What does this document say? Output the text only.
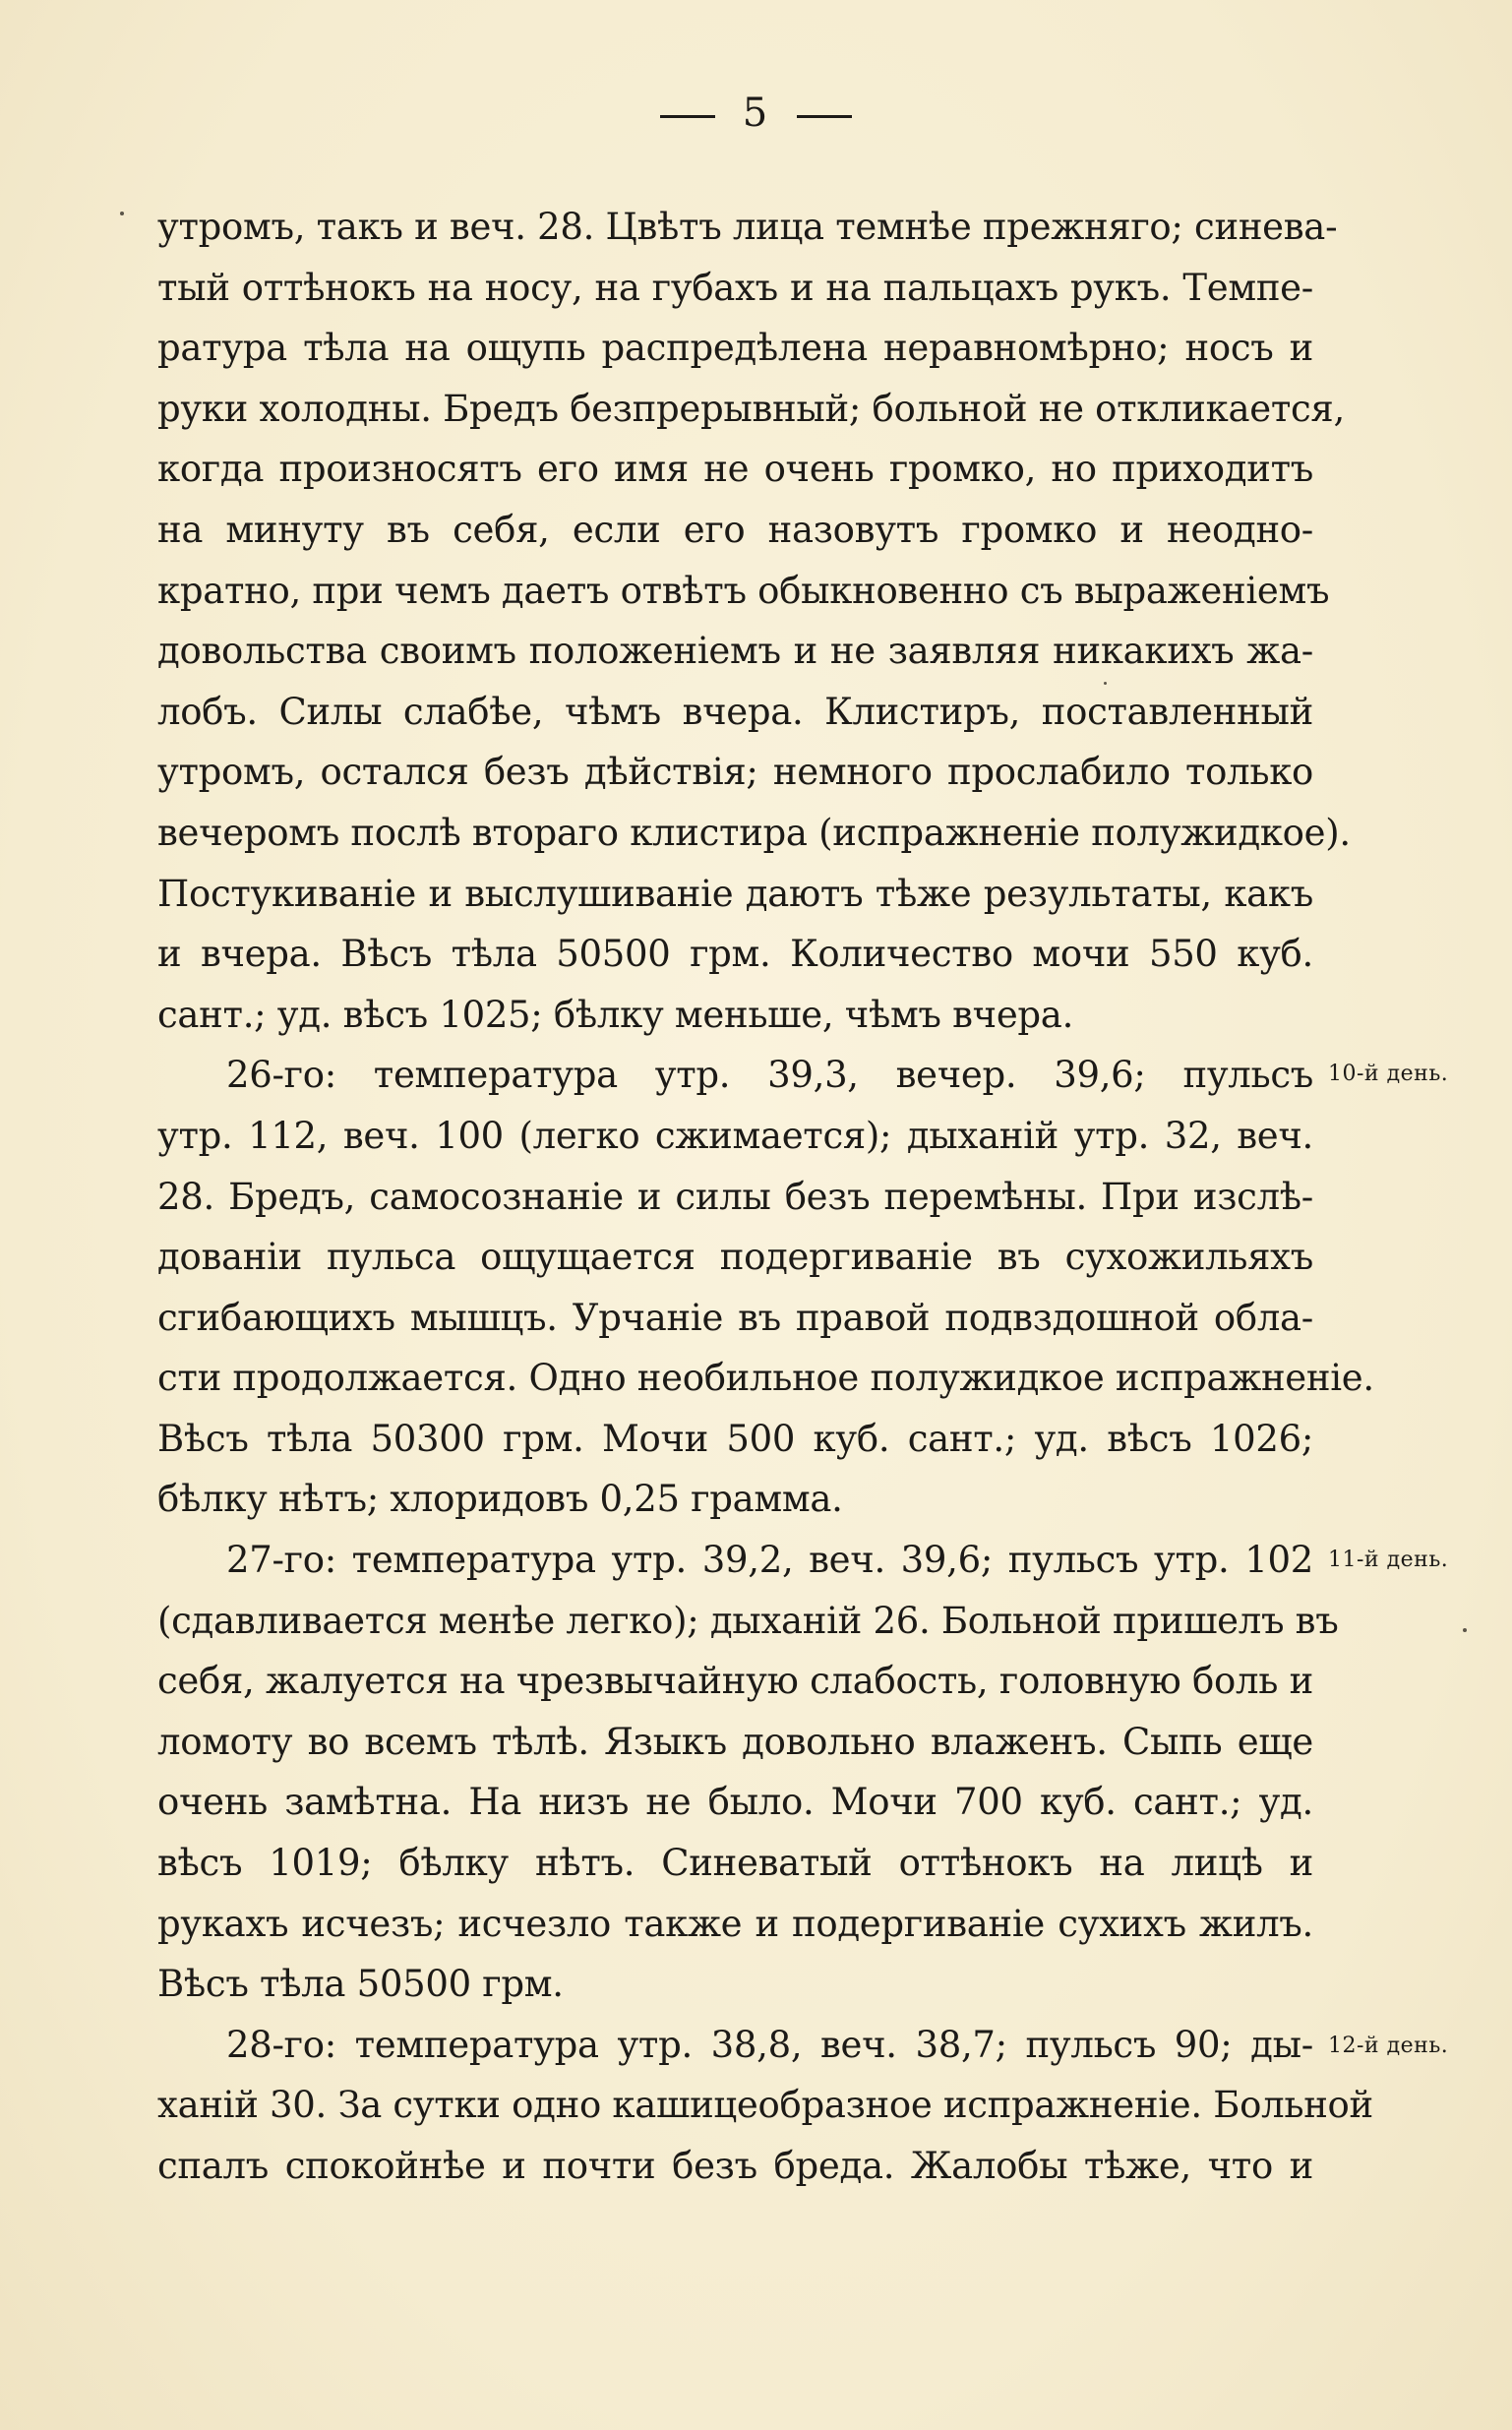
5
утромъ, такъ и веч. 28. Цвѣтъ лица темнѣе прежняго; синева-
тый оттѣнокъ на носу, на губахъ и на пальцахъ рукъ. Темпе-
ратура тѣла на ощупь распредѣлена неравномѣрно; носъ и
руки холодны. Бредъ безпрерывный; больной не откликается,
когда произносятъ его имя не очень громко, но приходитъ
на минуту въ себя, если его назовутъ громко и неодно-
кратно, при чемъ даетъ отвѣтъ обыкновенно съ выраженіемъ
довольства своимъ положеніемъ и не заявляя никакихъ жа-
лобъ. Силы слабѣе, чѣмъ вчера. Клистиръ, поставленный
утромъ, остался безъ дѣйствія; немного прослабило только
вечеромъ послѣ втораго клистира (испражненіе полужидкое).
Постукиваніе и выслушиваніе даютъ тѣже результаты, какъ
и вчера. Вѣсъ тѣла 50500 грм. Количество мочи 550 куб.
сант.; уд. вѣсъ 1025; бѣлку меньше, чѣмъ вчера.
26-го: температура утр. 39,3, вечер. 39,6; пульсъ
утр. 112, веч. 100 (легко сжимается); дыханій утр. 32, веч.
28. Бредъ, самосознаніе и силы безъ перемѣны. При изслѣ-
дованіи пульса ощущается подергиваніе въ сухожильяхъ
сгибающихъ мышцъ. Урчаніе въ правой подвздошной обла-
сти продолжается. Одно необильное полужидкое испражненіе.
Вѣсъ тѣла 50300 грм. Мочи 500 куб. сант.; уд. вѣсъ 1026;
бѣлку нѣтъ; хлоридовъ 0,25 грамма.
27-го: температура утр. 39,2, веч. 39,6; пульсъ утр. 102
(сдавливается менѣе легко); дыханій 26. Больной пришелъ въ
себя, жалуется на чрезвычайную слабость, головную боль и
ломоту во всемъ тѣлѣ. Языкъ довольно влаженъ. Сыпь еще
очень замѣтна. На низъ не было. Мочи 700 куб. сант.; уд.
вѣсъ 1019; бѣлку нѣтъ. Синеватый оттѣнокъ на лицѣ и
рукахъ исчезъ; исчезло также и подергиваніе сухихъ жилъ.
Вѣсъ тѣла 50500 грм.
28-го: температура утр. 38,8, веч. 38,7; пульсъ 90; ды-
ханій 30. За сутки одно кашицеобразное испражненіе. Больной
спалъ спокойнѣе и почти безъ бреда. Жалобы тѣже, что и
10-й день.
11-й день.
12-й день.
